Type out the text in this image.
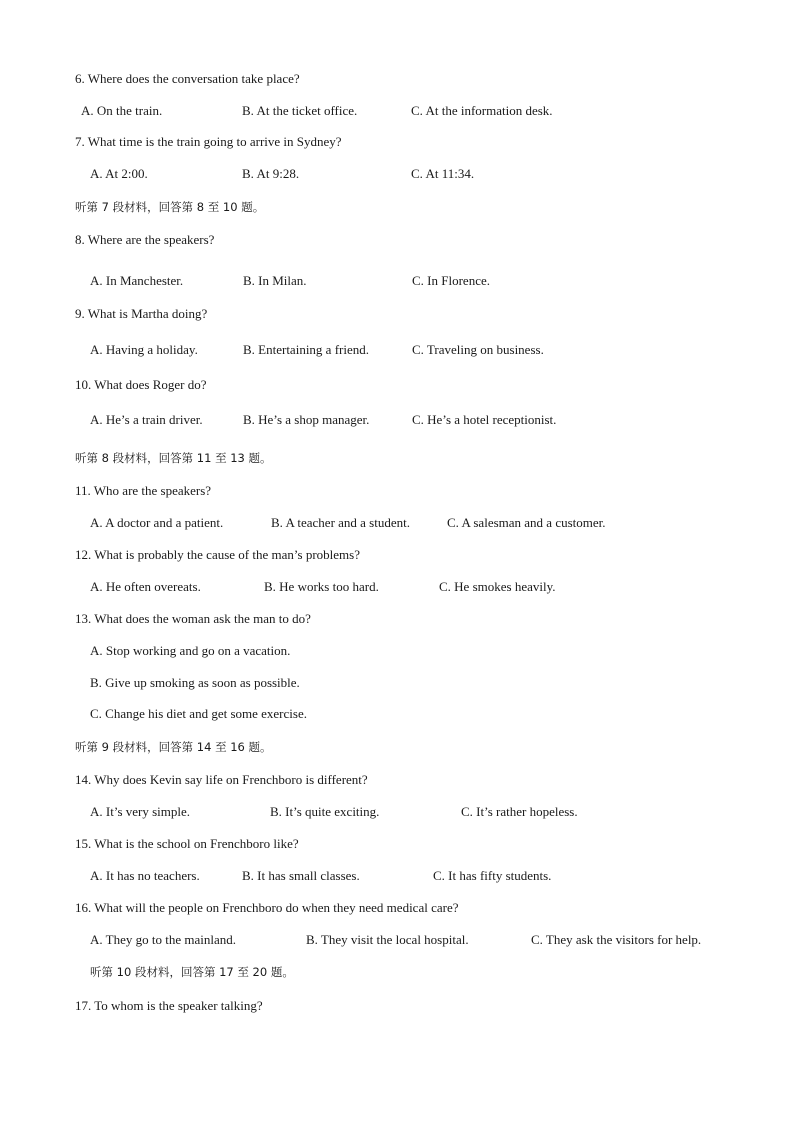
6. Where does the conversation take place?
A. On the train.	B. At the ticket office.	C. At the information desk.
7. What time is the train going to arrive in Sydney?
A. At 2:00.	B. At 9:28.	C. At 11:34.
听第 7 段材料，回答第 8 至 10 题。
8. Where are the speakers?
A. In Manchester.	B. In Milan.	C. In Florence.
9. What is Martha doing?
A. Having a holiday.	B. Entertaining a friend.	C. Traveling on business.
10. What does Roger do?
A. He’s a train driver.	B. He’s a shop manager.	C. He’s a hotel receptionist.
听第 8 段材料，回答第 11 至 13 题。
11. Who are the speakers?
A. A doctor and a patient.	B. A teacher and a student.	C. A salesman and a customer.
12. What is probably the cause of the man’s problems?
A. He often overeats.	B. He works too hard.	C. He smokes heavily.
13. What does the woman ask the man to do?
A. Stop working and go on a vacation.
B. Give up smoking as soon as possible.
C. Change his diet and get some exercise.
听第 9 段材料，回答第 14 至 16 题。
14. Why does Kevin say life on Frenchboro is different?
A. It’s very simple.	B. It’s quite exciting.	C. It’s rather hopeless.
15. What is the school on Frenchboro like?
A. It has no teachers.	B. It has small classes.	C. It has fifty students.
16. What will the people on Frenchboro do when they need medical care?
A. They go to the mainland.	B. They visit the local hospital.	C. They ask the visitors for help.
听第 10 段材料，回答第 17 至 20 题。
17. To whom is the speaker talking?
